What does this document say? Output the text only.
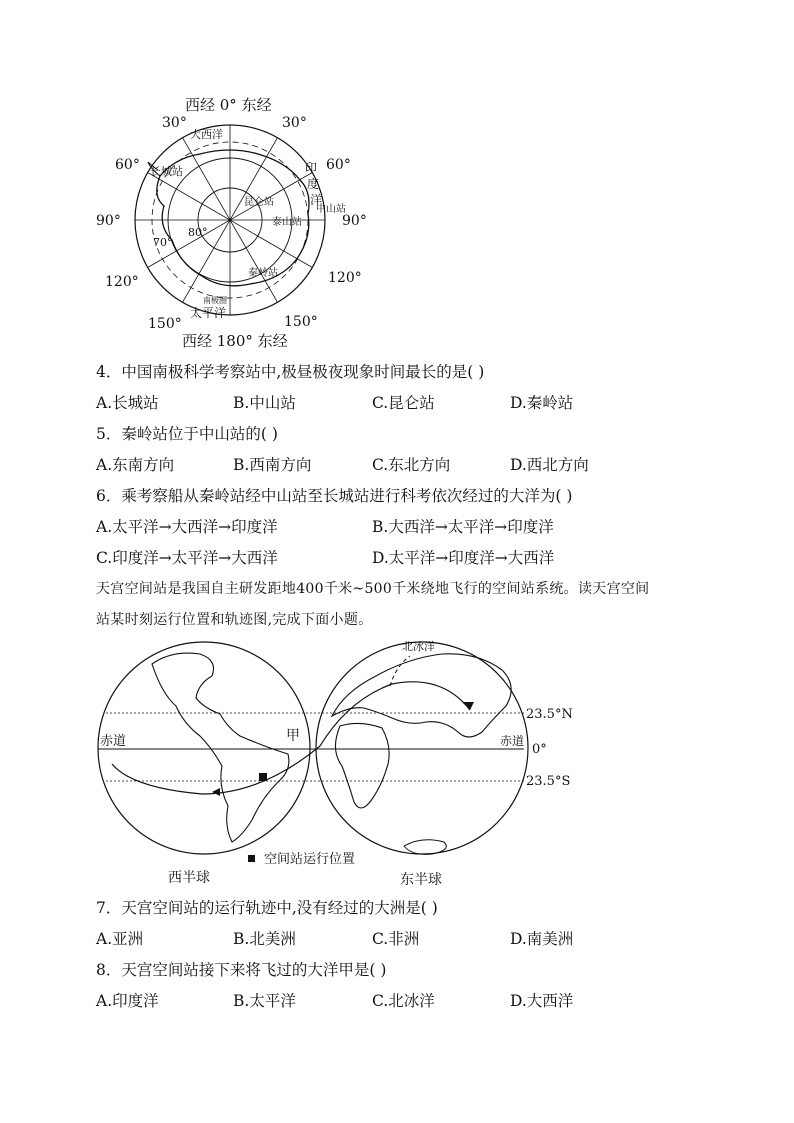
西经 0° 东经
30°	30°
60°	60°
90°	90°
120°	120°
150°	150°
西经 180° 东经
大西洋
印
度
洋
太平洋
南极圈
长城站
昆仑站
中山站
泰山站
秦岭站
70°
80°
4．中国南极科学考察站中,极昼极夜现象时间最长的是( )
A.长城站	B.中山站	C.昆仑站	D.秦岭站
5．秦岭站位于中山站的( )
A.东南方向	B.西南方向	C.东北方向	D.西北方向
6．乘考察船从秦岭站经中山站至长城站进行科考依次经过的大洋为( )
A.太平洋→大西洋→印度洋	B.大西洋→太平洋→印度洋
C.印度洋→太平洋→大西洋	D.太平洋→印度洋→大西洋
天宫空间站是我国自主研发距地400千米~500千米绕地飞行的空间站系统。读天宫空间
站某时刻运行位置和轨迹图,完成下面小题。
赤道	甲
北冰洋
赤道
23.5°N
0°
23.5°S
空间站运行位置
西半球	东半球
7．天宫空间站的运行轨迹中,没有经过的大洲是( )
A.亚洲	B.北美洲	C.非洲	D.南美洲
8．天宫空间站接下来将飞过的大洋甲是( )
A.印度洋	B.太平洋	C.北冰洋	D.大西洋
